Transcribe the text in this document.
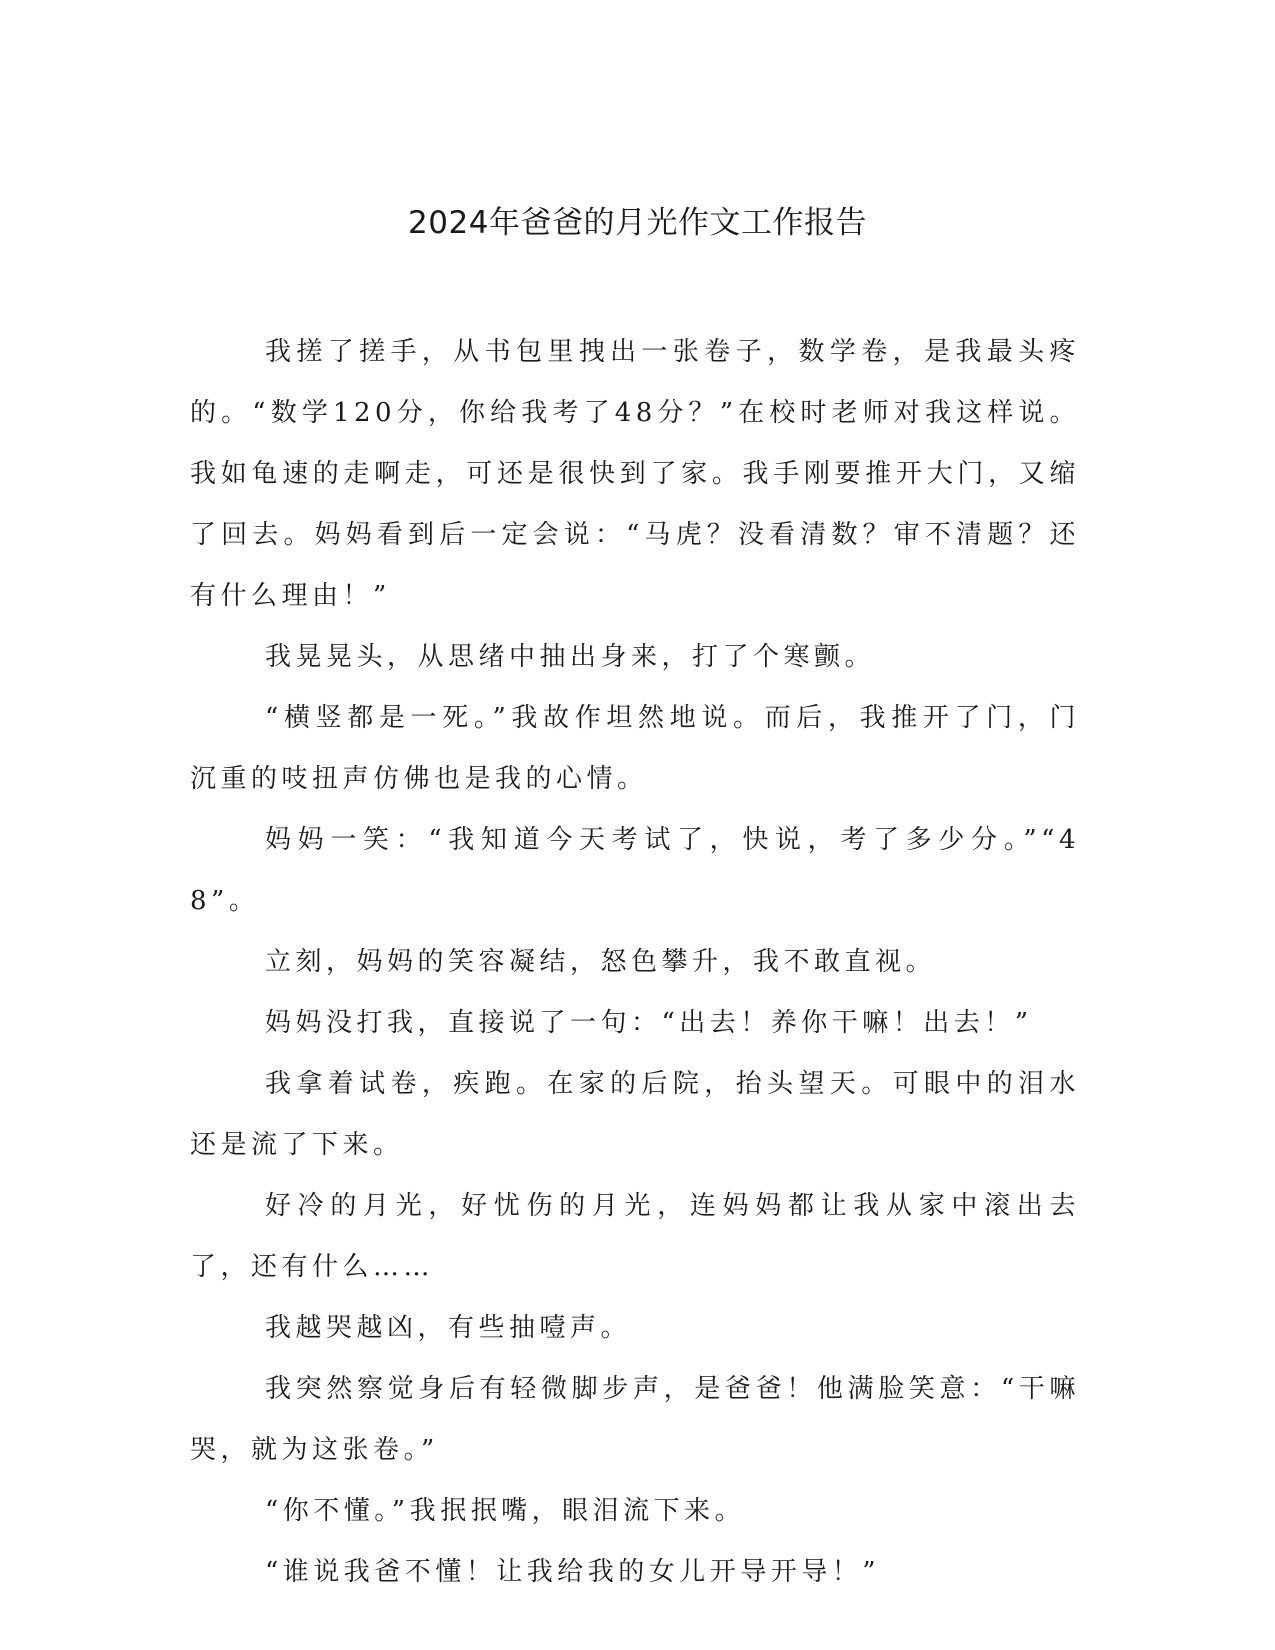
2024年爸爸的月光作文工作报告

我搓了搓手，从书包里拽出一张卷子，数学卷，是我最头疼的。“数学120分，你给我考了48分？”在校时老师对我这样说。我如龟速的走啊走，可还是很快到了家。我手刚要推开大门，又缩了回去。妈妈看到后一定会说：“马虎？没看清数？审不清题？还有什么理由！”

我晃晃头，从思绪中抽出身来，打了个寒颤。

“横竖都是一死。”我故作坦然地说。而后，我推开了门，门沉重的吱扭声仿佛也是我的心情。

妈妈一笑：“我知道今天考试了，快说，考了多少分。”“48”。

立刻，妈妈的笑容凝结，怒色攀升，我不敢直视。

妈妈没打我，直接说了一句：“出去！养你干嘛！出去！”

我拿着试卷，疾跑。在家的后院，抬头望天。可眼中的泪水还是流了下来。

好冷的月光，好忧伤的月光，连妈妈都让我从家中滚出去了，还有什么……

我越哭越凶，有些抽噎声。

我突然察觉身后有轻微脚步声，是爸爸！他满脸笑意：“干嘛哭，就为这张卷。”

“你不懂。”我抿抿嘴，眼泪流下来。

“谁说我爸不懂！让我给我的女儿开导开导！”
